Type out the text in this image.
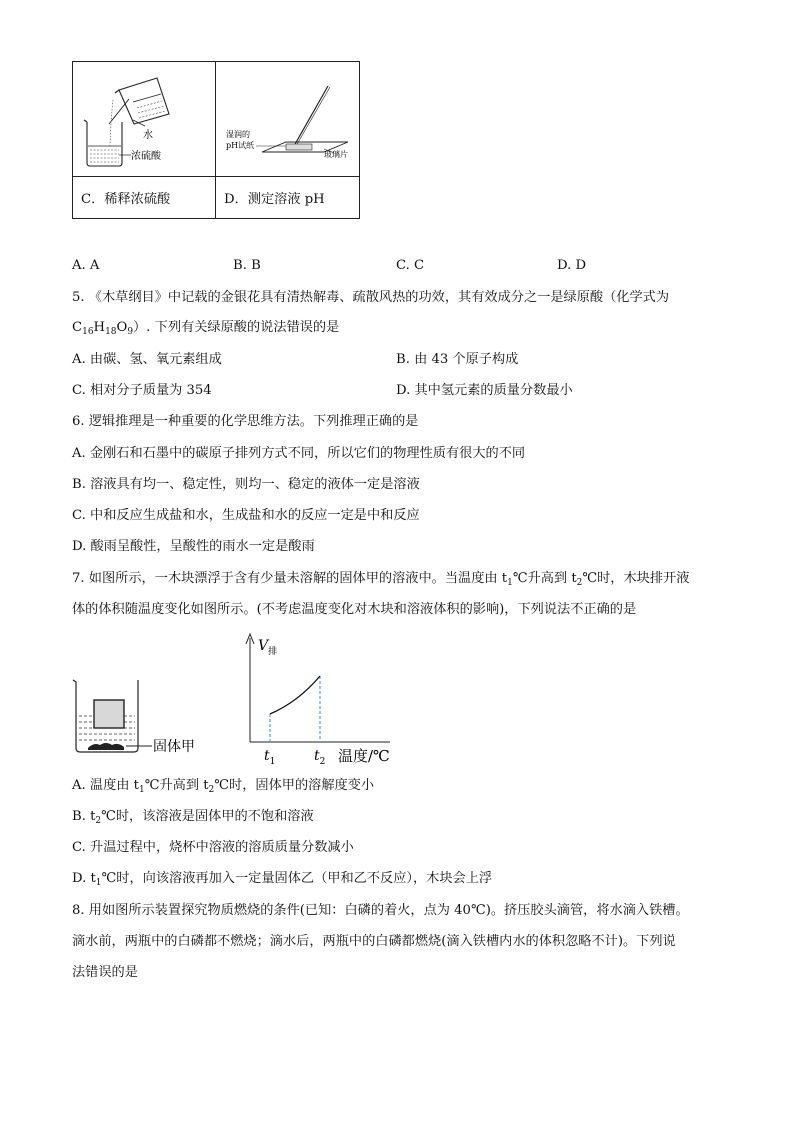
水
浓硫酸	湿润的
pH试纸
玻璃片

C．稀释浓硫酸	D．测定溶液 pH
A. A	B. B	C. C	D. D
5. 《木草纲目》中记载的金银花具有清热解毒、疏散风热的功效，其有效成分之一是绿原酸（化学式为
$C_{16}H_{18}O_9$）. 下列有关绿原酸的说法错误的是
A. 由碳、氢、氧元素组成	B. 由 43 个原子构成
C. 相对分子质量为 354	D. 其中氢元素的质量分数最小
6. 逻辑推理是一种重要的化学思维方法。下列推理正确的是
A. 金刚石和石墨中的碳原子排列方式不同，所以它们的物理性质有很大的不同
B. 溶液具有均一、稳定性，则均一、稳定的液体一定是溶液
C. 中和反应生成盐和水，生成盐和水的反应一定是中和反应
D. 酸雨呈酸性，呈酸性的雨水一定是酸雨
7. 如图所示，一木块漂浮于含有少量未溶解的固体甲的溶液中。当温度由 $t_1℃$升高到 $t_2℃$时，木块排开液
体的体积随温度变化如图所示。(不考虑温度变化对木块和溶液体积的影响)，下列说法不正确的是
固体甲
$V_排$
$t_1$	$t_2$ 温度/℃
A. 温度由 $t_1℃$升高到 $t_2℃$时，固体甲的溶解度变小
B. $t_2℃$时，该溶液是固体甲的不饱和溶液
C. 升温过程中，烧杯中溶液的溶质质量分数减小
D. $t_1℃$时，向该溶液再加入一定量固体乙（甲和乙不反应），木块会上浮
8. 用如图所示装置探究物质燃烧的条件(已知：白磷的着火，点为 40℃)。挤压胶头滴管，将水滴入铁槽。
滴水前，两瓶中的白磷都不燃烧；滴水后，两瓶中的白磷都燃烧(滴入铁槽内水的体积忽略不计)。下列说
法错误的是
